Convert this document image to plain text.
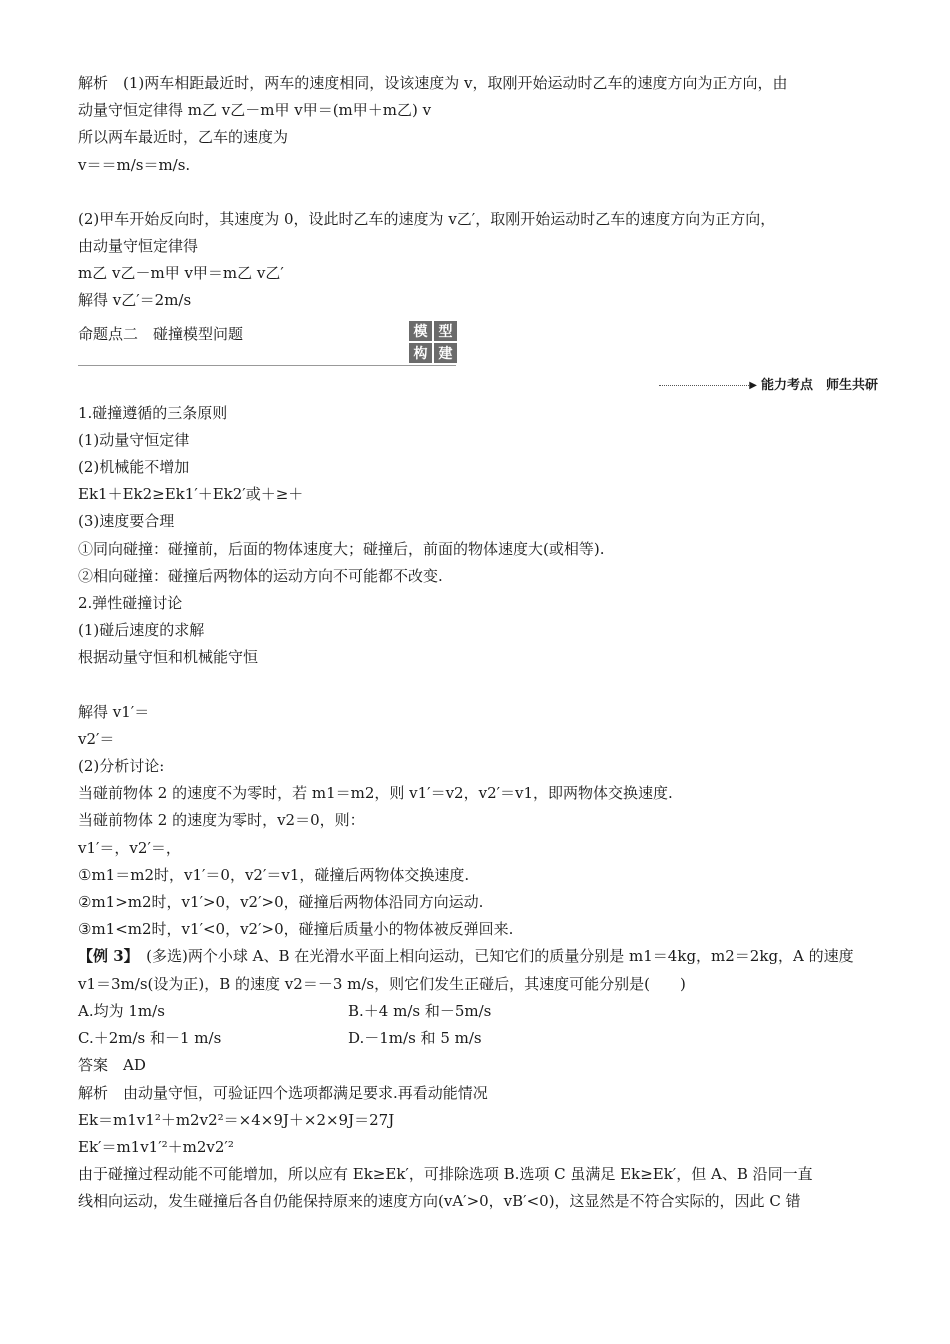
解析　(1)两车相距最近时，两车的速度相同，设该速度为 v，取刚开始运动时乙车的速度方向为正方向，由
动量守恒定律得 m乙 v乙－m甲 v甲＝(m甲＋m乙) v
所以两车最近时，乙车的速度为
v＝＝m/s＝m/s.
(2)甲车开始反向时，其速度为 0，设此时乙车的速度为 v乙′，取刚开始运动时乙车的速度方向为正方向，
由动量守恒定律得
m乙 v乙－m甲 v甲＝m乙 v乙′
解得 v乙′＝2m/s
命题点二　碰撞模型问题	模 型
构 建
▶ 能力考点　师生共研
1.碰撞遵循的三条原则
(1)动量守恒定律
(2)机械能不增加
Ek1＋Ek2≥Ek1′＋Ek2′或＋≥＋
(3)速度要合理
①同向碰撞：碰撞前，后面的物体速度大；碰撞后，前面的物体速度大(或相等).
②相向碰撞：碰撞后两物体的运动方向不可能都不改变.
2.弹性碰撞讨论
(1)碰后速度的求解
根据动量守恒和机械能守恒
解得 v1′＝
v2′＝
(2)分析讨论:
当碰前物体 2 的速度不为零时，若 m1＝m2，则 v1′＝v2，v2′＝v1，即两物体交换速度.
当碰前物体 2 的速度为零时，v2＝0，则：
v1′＝，v2′＝，
①m1＝m2时，v1′＝0，v2′＝v1，碰撞后两物体交换速度.
②m1>m2时，v1′>0，v2′>0，碰撞后两物体沿同方向运动.
③m1<m2时，v1′<0，v2′>0，碰撞后质量小的物体被反弹回来.
【例 3】　(多选)两个小球 A、B 在光滑水平面上相向运动，已知它们的质量分别是 m1＝4kg，m2＝2kg，A 的速度
v1＝3m/s(设为正)，B 的速度 v2＝－3 m/s，则它们发生正碰后，其速度可能分别是(　　)
A.均为 1m/s	B.＋4 m/s 和－5m/s
C.＋2m/s 和－1 m/s	D.－1m/s 和 5 m/s
答案　AD
解析　由动量守恒，可验证四个选项都满足要求.再看动能情况
Ek＝m1v1²＋m2v2²＝×4×9J＋×2×9J＝27J
Ek′＝m1v1′²＋m2v2′²
由于碰撞过程动能不可能增加，所以应有 Ek≥Ek′，可排除选项 B.选项 C 虽满足 Ek≥Ek′，但 A、B 沿同一直
线相向运动，发生碰撞后各自仍能保持原来的速度方向(vA′>0，vB′<0)，这显然是不符合实际的，因此 C 错
